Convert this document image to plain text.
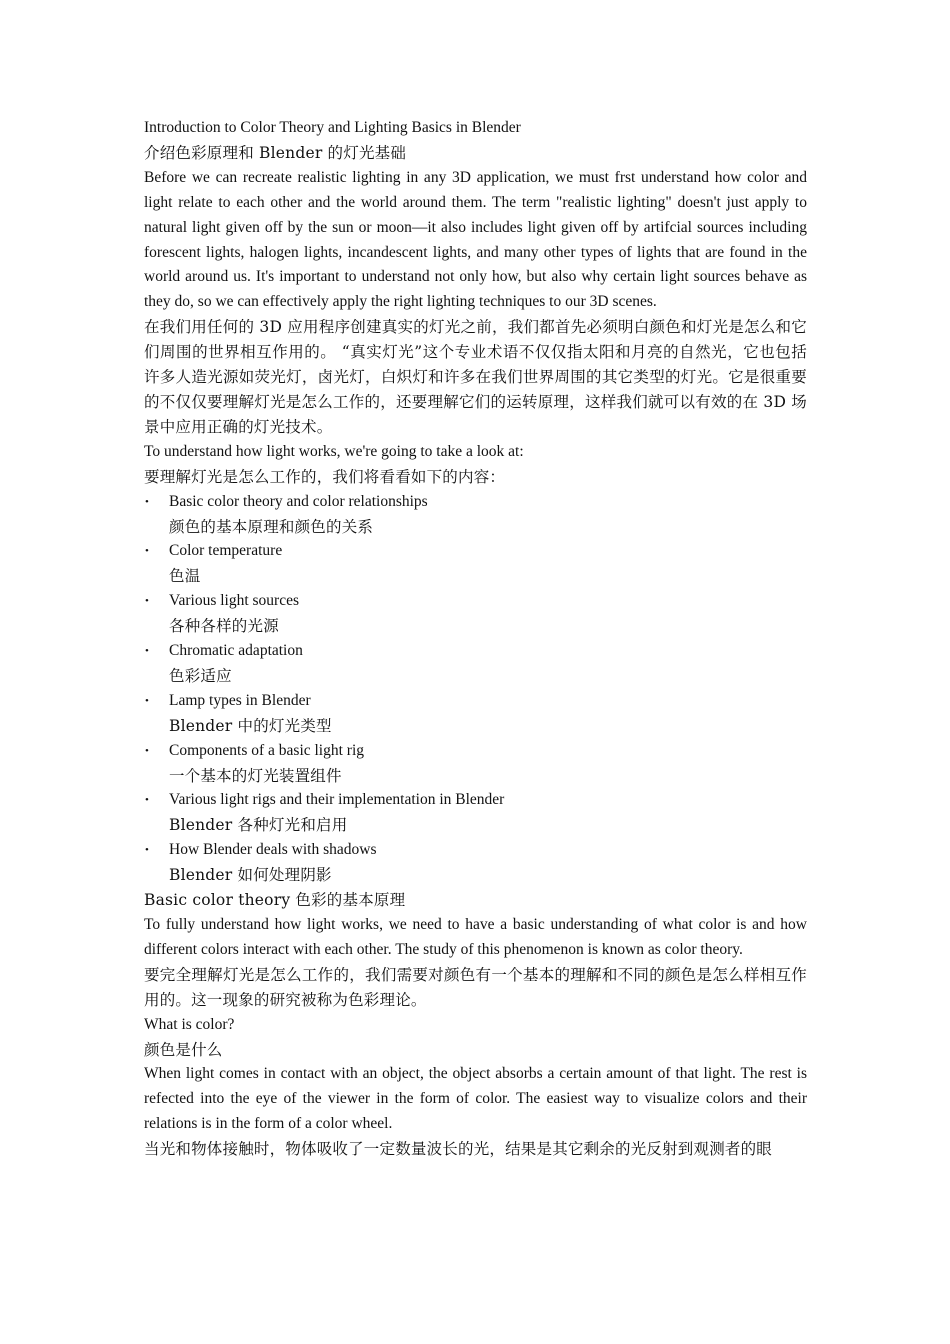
Introduction to Color Theory and Lighting Basics in Blender
介绍色彩原理和 Blender 的灯光基础

Before we can recreate realistic lighting in any 3D application, we must frst understand how color and light relate to each other and the world around them. The term "realistic lighting" doesn't just apply to natural light given off by the sun or moon—it also includes light given off by artifcial sources including forescent lights, halogen lights, incandescent lights, and many other types of lights that are found in the world around us. It's important to understand not only how, but also why certain light sources behave as they do, so we can effectively apply the right lighting techniques to our 3D scenes.

在我们用任何的 3D 应用程序创建真实的灯光之前，我们都首先必须明白颜色和灯光是怎么和它们周围的世界相互作用的。 “真实灯光”这个专业术语不仅仅指太阳和月亮的自然光，它也包括许多人造光源如荧光灯，卤光灯，白炽灯和许多在我们世界周围的其它类型的灯光。它是很重要的不仅仅要理解灯光是怎么工作的，还要理解它们的运转原理，这样我们就可以有效的在 3D 场景中应用正确的灯光技术。

To understand how light works, we're going to take a look at:
要理解灯光是怎么工作的，我们将看看如下的内容：
• Basic color theory and color relationships
颜色的基本原理和颜色的关系
• Color temperature
色温
• Various light sources
各种各样的光源
• Chromatic adaptation
色彩适应
• Lamp types in Blender
Blender 中的灯光类型
• Components of a basic light rig
一个基本的灯光装置组件
• Various light rigs and their implementation in Blender
Blender 各种灯光和启用
• How Blender deals with shadows
Blender 如何处理阴影
Basic color theory 色彩的基本原理

To fully understand how light works, we need to have a basic understanding of what color is and how different colors interact with each other. The study of this phenomenon is known as color theory.

要完全理解灯光是怎么工作的，我们需要对颜色有一个基本的理解和不同的颜色是怎么样相互作用的。这一现象的研究被称为色彩理论。

What is color?
颜色是什么

When light comes in contact with an object, the object absorbs a certain amount of that light. The rest is refected into the eye of the viewer in the form of color. The easiest way to visualize colors and their relations is in the form of a color wheel.

当光和物体接触时，物体吸收了一定数量波长的光，结果是其它剩余的光反射到观测者的眼
